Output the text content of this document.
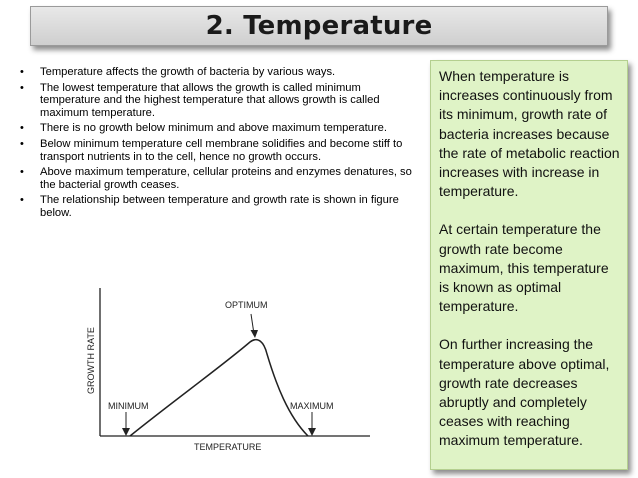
2. Temperature
• Temperature affects the growth of bacteria by various ways.
• The lowest temperature that allows the growth is called minimum temperature and the highest temperature that allows growth is called maximum temperature.
• There is no growth below minimum and above maximum temperature.
• Below minimum temperature cell membrane solidifies and become stiff to transport nutrients in to the cell, hence no growth occurs.
• Above maximum temperature, cellular proteins and enzymes denatures, so the bacterial growth ceases.
• The relationship between temperature and growth rate is shown in figure below.

When temperature is increases continuously from its minimum, growth rate of bacteria increases because the rate of metabolic reaction increases with increase in temperature.

At certain temperature the growth rate become maximum, this temperature is known as optimal temperature.

On further increasing the temperature above optimal, growth rate decreases abruptly and completely ceases with reaching maximum temperature.

OPTIMUM
MINIMUM	MAXIMUM
TEMPERATURE
GROWTH RATE
